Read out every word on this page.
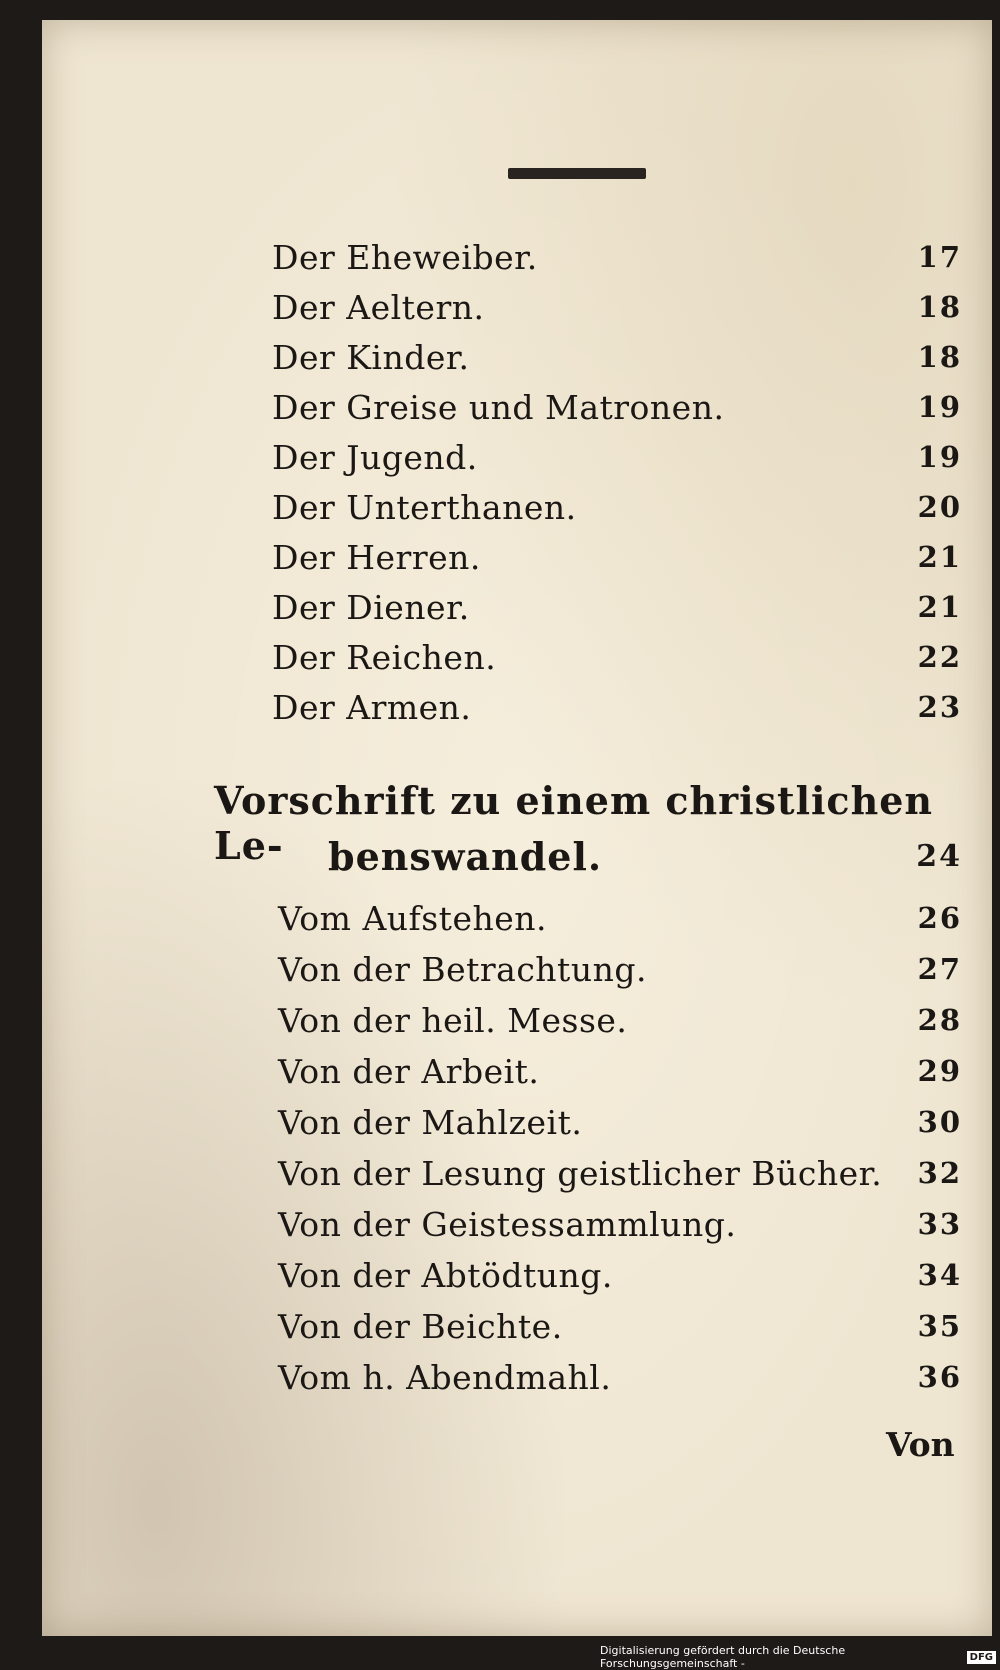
Der Eheweiber.	17
Der Aeltern.	18
Der Kinder.	18
Der Greise und Matronen.	19
Der Jugend.	19
Der Unterthanen.	20
Der Herren.	21
Der Diener.	21
Der Reichen.	22
Der Armen.	23
Vorschrift zu einem christlichen Le-	benswandel.	24
Vom Aufstehen.	26
Von der Betrachtung.	27
Von der heil. Messe.	28
Von der Arbeit.	29
Von der Mahlzeit.	30
Von der Lesung geistlicher Bücher. 32
Von der Geistessammlung.	33
Von der Abtödtung.	34
Von der Beichte.	35
Vom h. Abendmahl.	36
Von
Digitalisierung gefördert durch die Deutsche Forschungsgemeinschaft -	DFG
